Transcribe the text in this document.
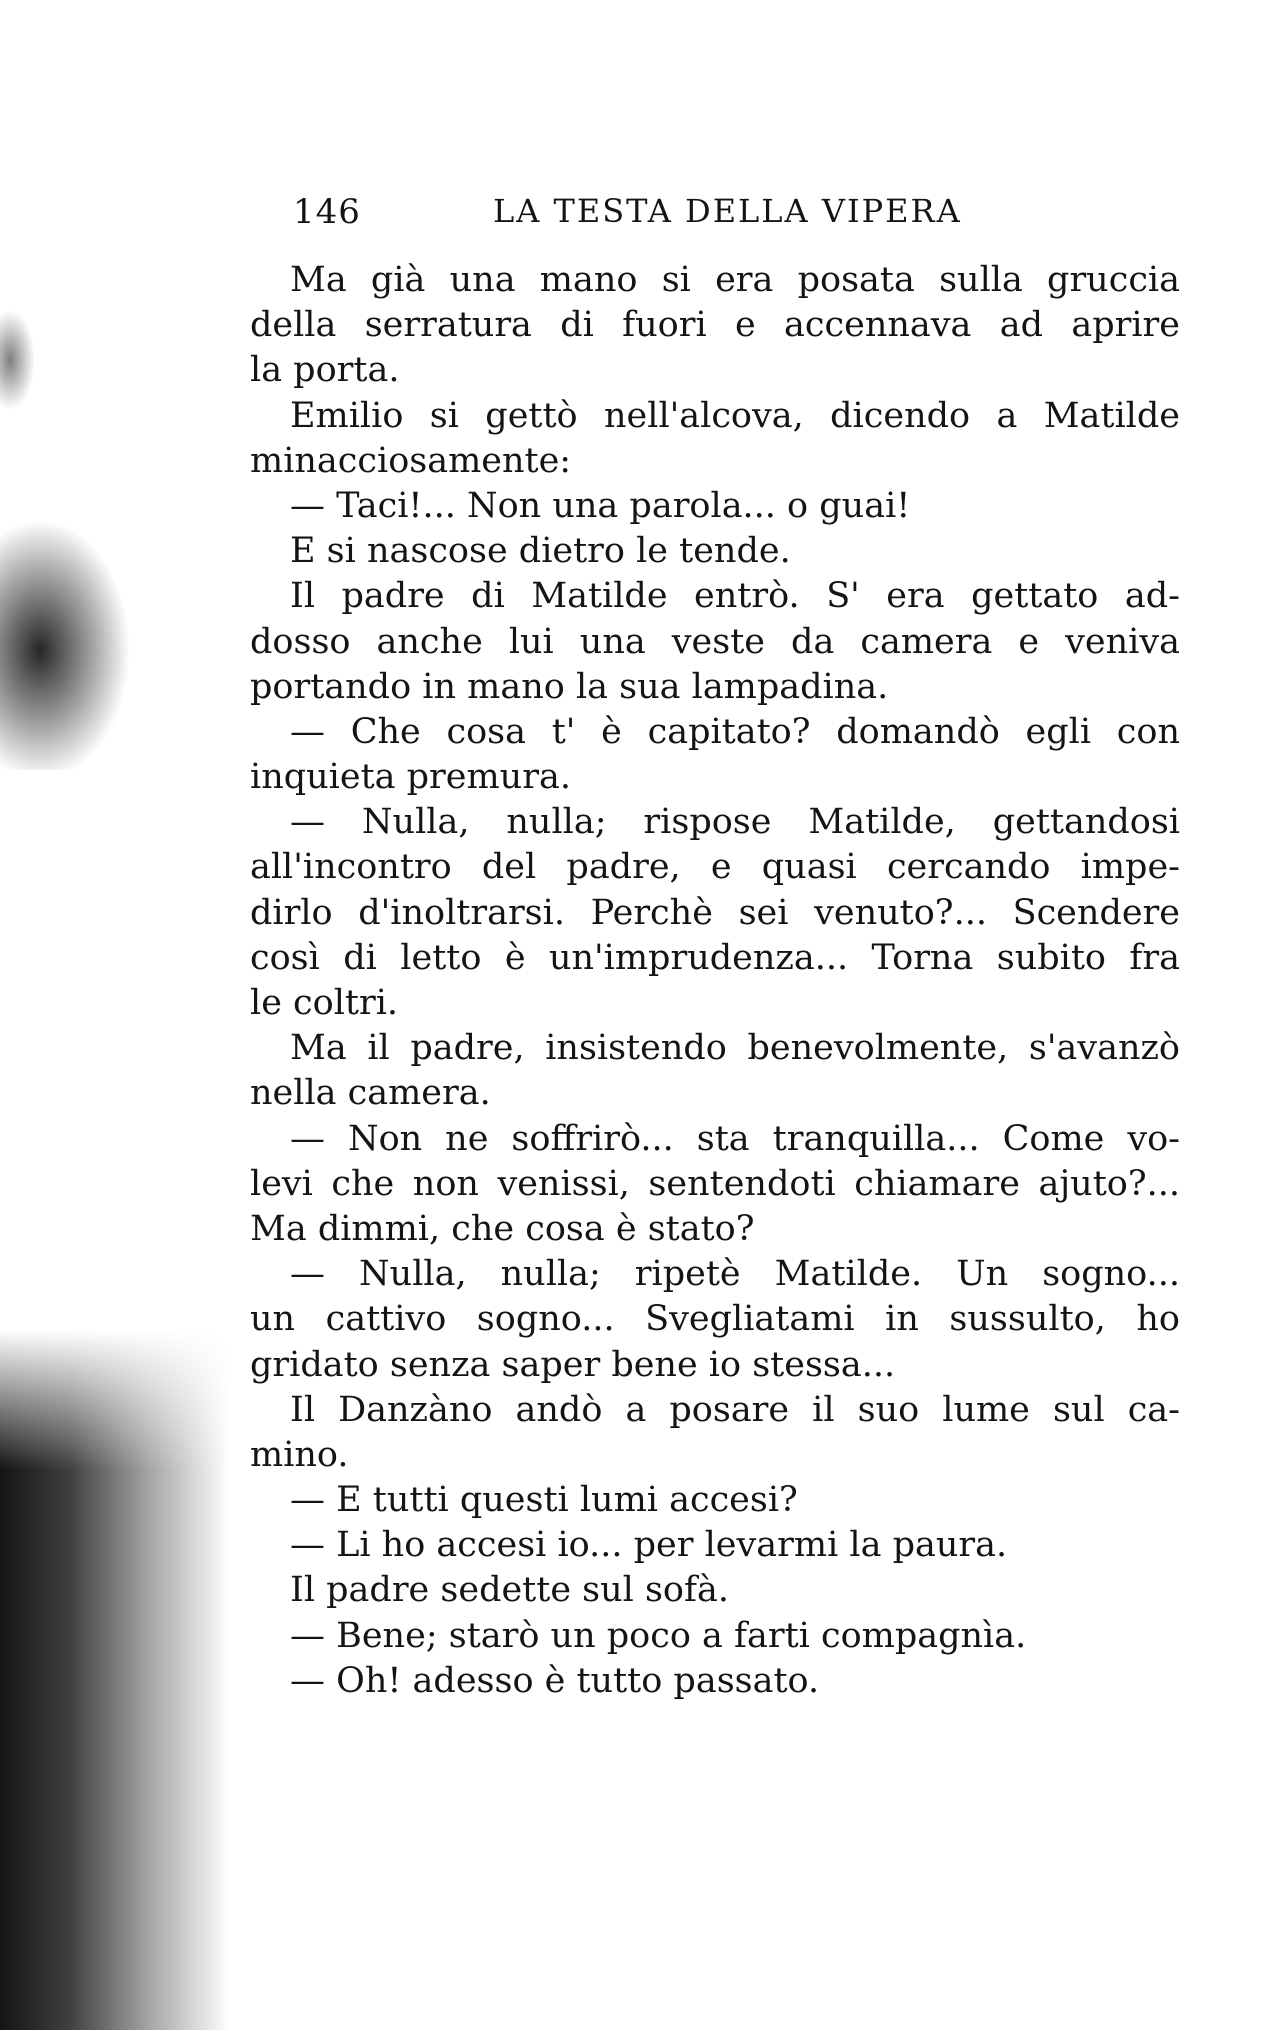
146	LA TESTA DELLA VIPERA
Ma già una mano si era posata sulla gruccia
della serratura di fuori e accennava ad aprire
la porta.
Emilio si gettò nell'alcova, dicendo a Matilde
minacciosamente:
— Taci!... Non una parola... o guai!
E si nascose dietro le tende.
Il padre di Matilde entrò. S' era gettato ad-
dosso anche lui una veste da camera e veniva
portando in mano la sua lampadina.
— Che cosa t' è capitato? domandò egli con
inquieta premura.
— Nulla, nulla; rispose Matilde, gettandosi
all'incontro del padre, e quasi cercando impe-
dirlo d'inoltrarsi. Perchè sei venuto?... Scendere
così di letto è un'imprudenza... Torna subito fra
le coltri.
Ma il padre, insistendo benevolmente, s'avanzò
nella camera.
— Non ne soffrirò... sta tranquilla... Come vo-
levi che non venissi, sentendoti chiamare ajuto?...
Ma dimmi, che cosa è stato?
— Nulla, nulla; ripetè Matilde. Un sogno...
un cattivo sogno... Svegliatami in sussulto, ho
gridato senza saper bene io stessa...
Il Danzàno andò a posare il suo lume sul ca-
mino.
— E tutti questi lumi accesi?
— Li ho accesi io... per levarmi la paura.
Il padre sedette sul sofà.
— Bene; starò un poco a farti compagnìa.
— Oh! adesso è tutto passato.
